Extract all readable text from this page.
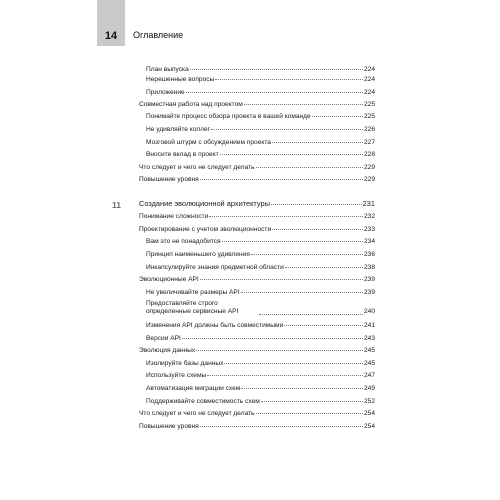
14	Оглавление
11
План выпуска	224
Нерешенные вопросы	224
Приложение	224
Совместная работа над проектом	225
Понимайте процесс обзора проекта в вашей команде	225
Не удивляйте коллег	226
Мозговой штурм с обсуждением проекта	227
Вносите вклад в проект	228
Что следует и чего не следует делать	229
Повышение уровня	229
Создание эволюционной архитектуры	231
Понимание сложности	232
Проектирование с учетом эволюционности	233
Вам это не понадобится	234
Принцип наименьшего удивления	236
Инкапсулируйте знания предметной области	238
Эволюционные API	239
Не увеличивайте размеры API	239
Предоставляйте строго определенные сервисные API	240
Изменения API должны быть совместимыми	241
Версии API	243
Эволюция данных	245
Изолируйте базы данных	245
Используйте схемы	247
Автоматизация миграции схем	249
Поддерживайте совместимость схем	252
Что следует и чего не следует делать	254
Повышение уровня	254
